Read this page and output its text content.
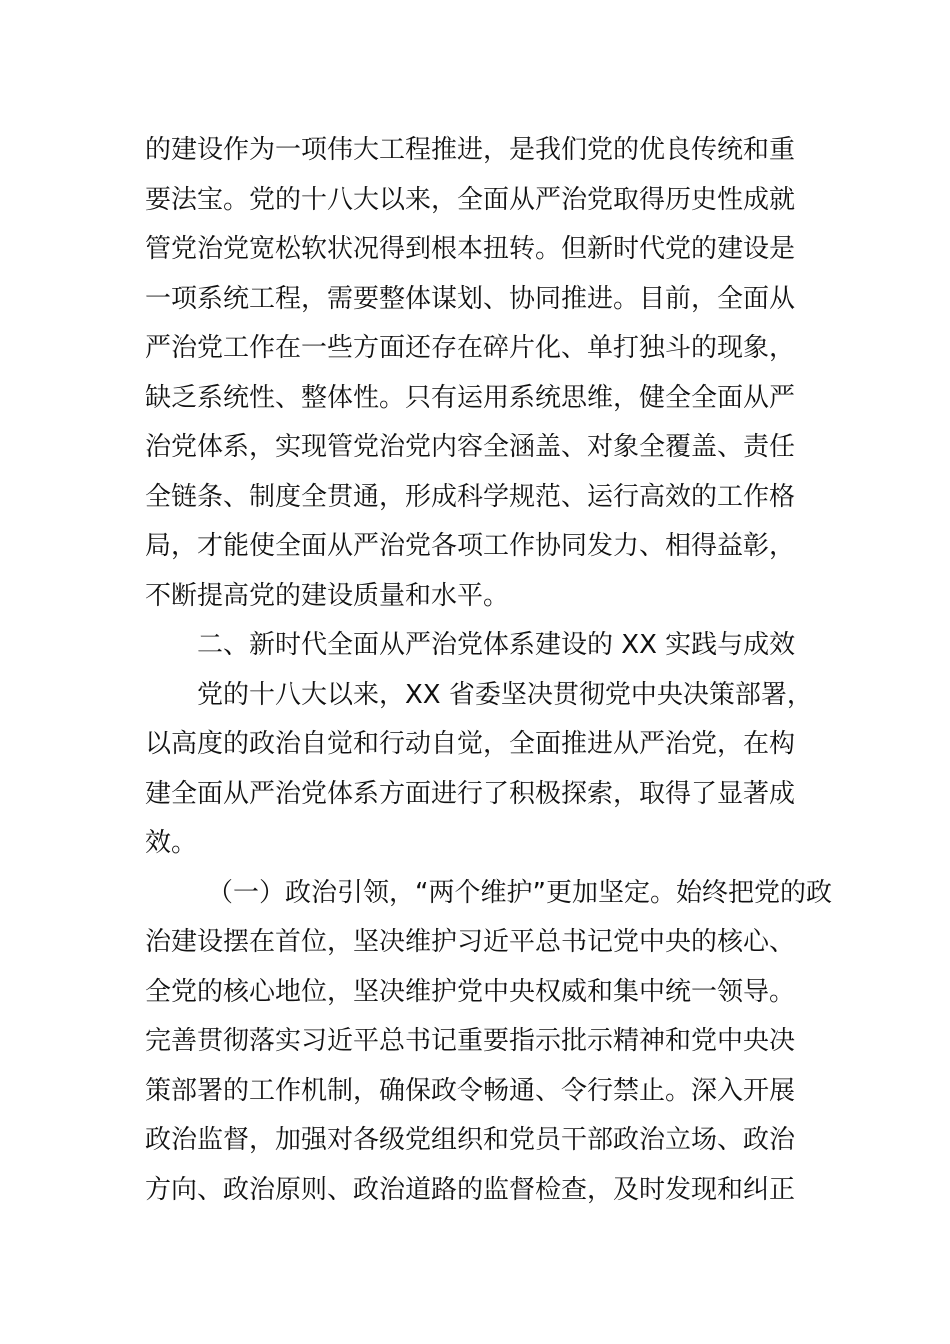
的建设作为一项伟大工程推进，是我们党的优良传统和重
要法宝。党的十八大以来，全面从严治党取得历史性成就
管党治党宽松软状况得到根本扭转。但新时代党的建设是
一项系统工程，需要整体谋划、协同推进。目前，全面从
严治党工作在一些方面还存在碎片化、单打独斗的现象，
缺乏系统性、整体性。只有运用系统思维，健全全面从严
治党体系，实现管党治党内容全涵盖、对象全覆盖、责任
全链条、制度全贯通，形成科学规范、运行高效的工作格
局，才能使全面从严治党各项工作协同发力、相得益彰，
不断提高党的建设质量和水平。
二、新时代全面从严治党体系建设的 XX 实践与成效
党的十八大以来，XX 省委坚决贯彻党中央决策部署，
以高度的政治自觉和行动自觉，全面推进从严治党，在构
建全面从严治党体系方面进行了积极探索，取得了显著成
效。
（一）政治引领，“两个维护”更加坚定。始终把党的政
治建设摆在首位，坚决维护习近平总书记党中央的核心、
全党的核心地位，坚决维护党中央权威和集中统一领导。
完善贯彻落实习近平总书记重要指示批示精神和党中央决
策部署的工作机制，确保政令畅通、令行禁止。深入开展
政治监督，加强对各级党组织和党员干部政治立场、政治
方向、政治原则、政治道路的监督检查，及时发现和纠正
